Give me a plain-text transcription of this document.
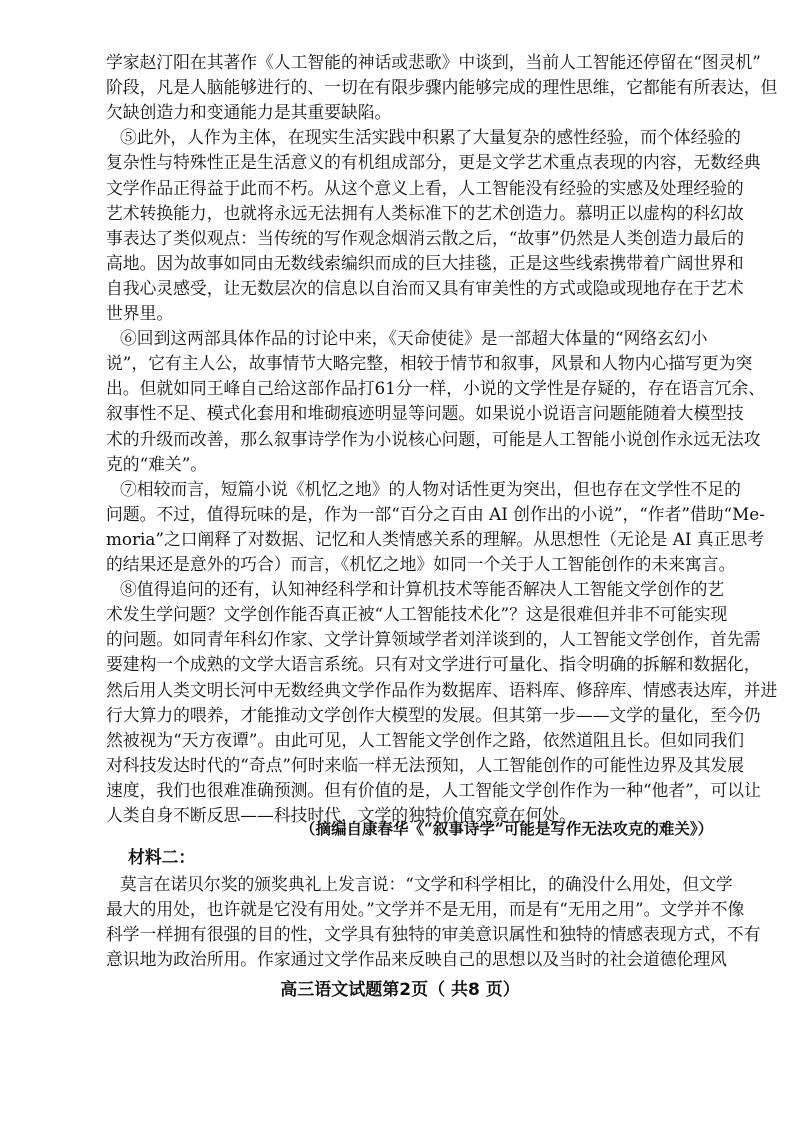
学家赵汀阳在其著作《人工智能的神话或悲歌》中谈到，当前人工智能还停留在“图灵机”
阶段，凡是人脑能够进行的、一切在有限步骤内能够完成的理性思维，它都能有所表达，但
欠缺创造力和变通能力是其重要缺陷。
⑤此外，人作为主体，在现实生活实践中积累了大量复杂的感性经验，而个体经验的
复杂性与特殊性正是生活意义的有机组成部分，更是文学艺术重点表现的内容，无数经典
文学作品正得益于此而不朽。从这个意义上看，人工智能没有经验的实感及处理经验的
艺术转换能力，也就将永远无法拥有人类标准下的艺术创造力。慕明正以虚构的科幻故
事表达了类似观点：当传统的写作观念烟消云散之后，“故事”仍然是人类创造力最后的
高地。因为故事如同由无数线索编织而成的巨大挂毯，正是这些线索携带着广阔世界和
自我心灵感受，让无数层次的信息以自治而又具有审美性的方式或隐或现地存在于艺术
世界里。
⑥回到这两部具体作品的讨论中来，《天命使徒》是一部超大体量的“网络玄幻小
说”，它有主人公，故事情节大略完整，相较于情节和叙事，风景和人物内心描写更为突
出。但就如同王峰自己给这部作品打61分一样，小说的文学性是存疑的，存在语言冗余、
叙事性不足、模式化套用和堆砌痕迹明显等问题。如果说小说语言问题能随着大模型技
术的升级而改善，那么叙事诗学作为小说核心问题，可能是人工智能小说创作永远无法攻
克的“难关”。
⑦相较而言，短篇小说《机忆之地》的人物对话性更为突出，但也存在文学性不足的
问题。不过，值得玩味的是，作为一部“百分之百由 AI 创作出的小说”，“作者”借助“Me-
moria”之口阐释了对数据、记忆和人类情感关系的理解。从思想性（无论是 AI 真正思考
的结果还是意外的巧合）而言，《机忆之地》如同一个关于人工智能创作的未来寓言。
⑧值得追问的还有，认知神经科学和计算机技术等能否解决人工智能文学创作的艺
术发生学问题？文学创作能否真正被“人工智能技术化”？这是很难但并非不可能实现
的问题。如同青年科幻作家、文学计算领域学者刘洋谈到的，人工智能文学创作，首先需
要建构一个成熟的文学大语言系统。只有对文学进行可量化、指令明确的拆解和数据化，
然后用人类文明长河中无数经典文学作品作为数据库、语料库、修辞库、情感表达库，并进
行大算力的喂养，才能推动文学创作大模型的发展。但其第一步——文学的量化，至今仍
然被视为“天方夜谭”。由此可见，人工智能文学创作之路，依然道阻且长。但如同我们
对科技发达时代的“奇点”何时来临一样无法预知，人工智能创作的可能性边界及其发展
速度，我们也很难准确预测。但有价值的是，人工智能文学创作作为一种“他者”，可以让
人类自身不断反思——科技时代，文学的独特价值究竟在何处。
（摘编自康春华《“叙事诗学”可能是写作无法攻克的难关》）
材料二：
莫言在诺贝尔奖的颁奖典礼上发言说：“文学和科学相比，的确没什么用处，但文学
最大的用处，也许就是它没有用处。”文学并不是无用，而是有“无用之用”。文学并不像
科学一样拥有很强的目的性，文学具有独特的审美意识属性和独特的情感表现方式，不有
意识地为政治所用。作家通过文学作品来反映自己的思想以及当时的社会道德伦理风
高三语文试题第2页（ 共8 页）
